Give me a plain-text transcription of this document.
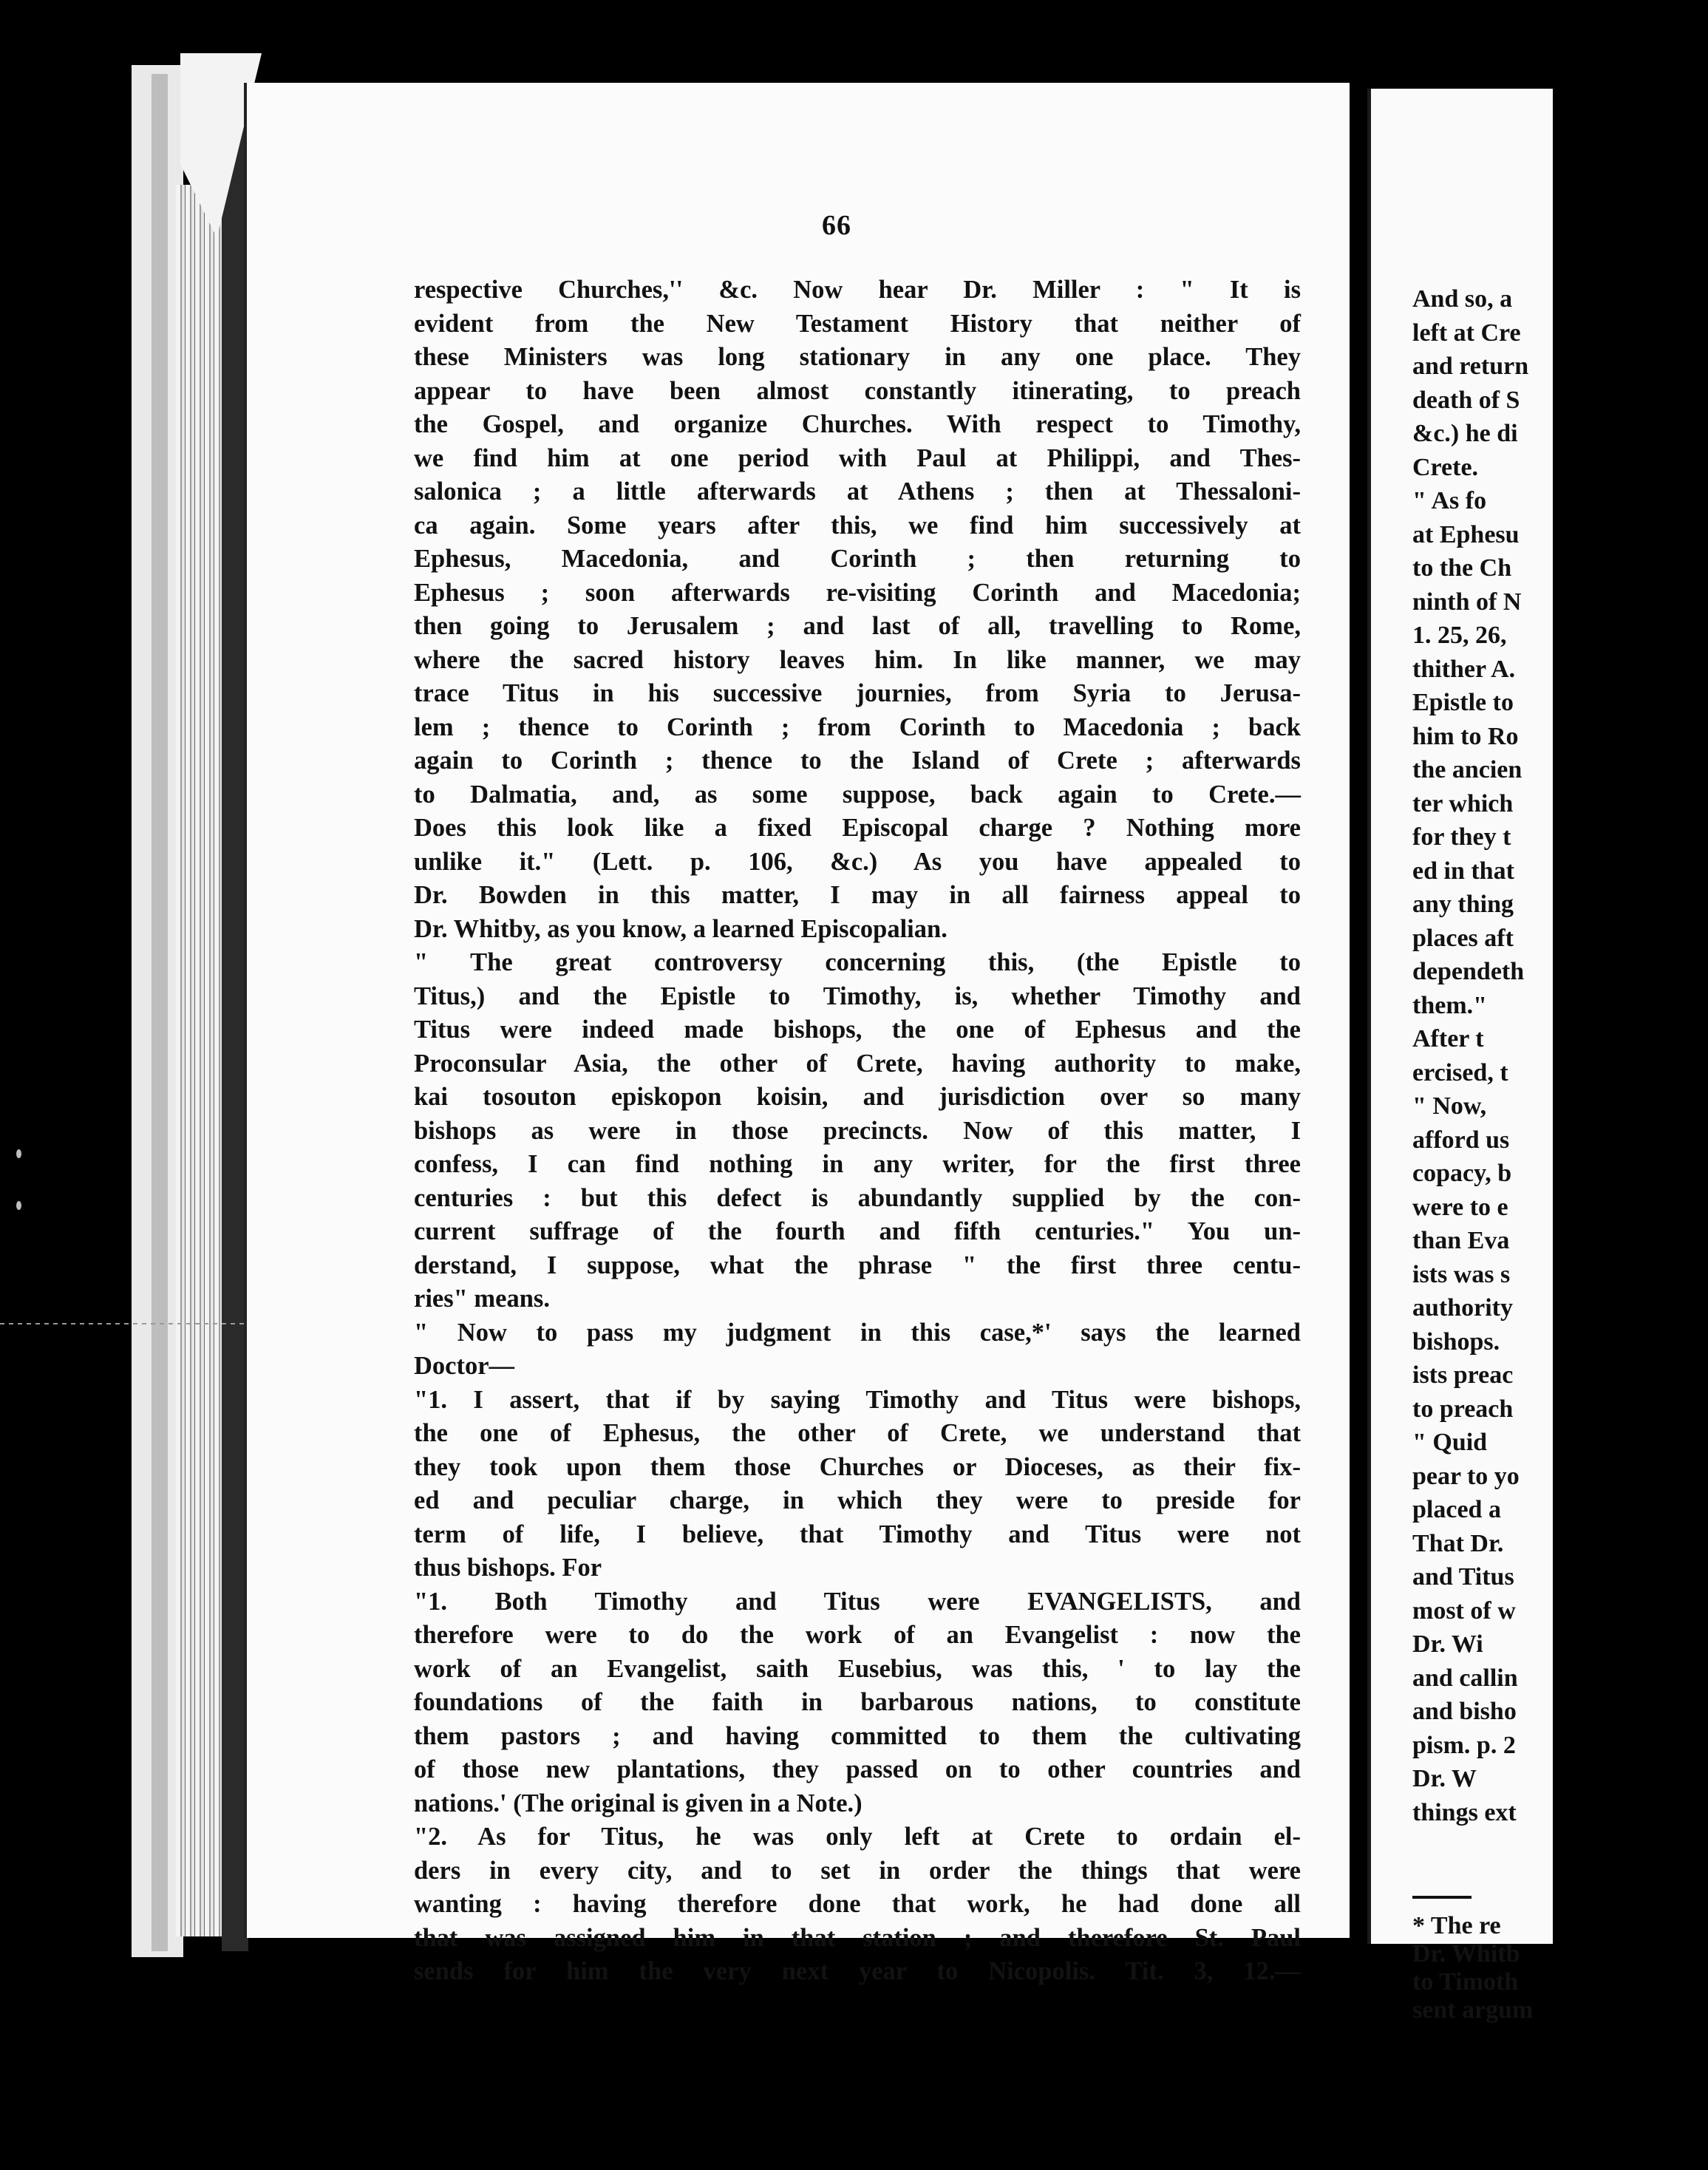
66
respective Churches,'' &c. Now hear Dr. Miller : " It is
evident from the New Testament History that neither of
these Ministers was long stationary in any one place. They
appear to have been almost constantly itinerating, to preach
the Gospel, and organize Churches. With respect to Timothy,
we find him at one period with Paul at Philippi, and Thes-
salonica ; a little afterwards at Athens ; then at Thessaloni-
ca again. Some years after this, we find him successively at
Ephesus, Macedonia, and Corinth ; then returning to
Ephesus ; soon afterwards re-visiting Corinth and Macedonia;
then going to Jerusalem ; and last of all, travelling to Rome,
where the sacred history leaves him. In like manner, we may
trace Titus in his successive journies, from Syria to Jerusa-
lem ; thence to Corinth ; from Corinth to Macedonia ; back
again to Corinth ; thence to the Island of Crete ; afterwards
to Dalmatia, and, as some suppose, back again to Crete.—
Does this look like a fixed Episcopal charge ? Nothing more
unlike it." (Lett. p. 106, &c.) As you have appealed to
Dr. Bowden in this matter, I may in all fairness appeal to
Dr. Whitby, as you know, a learned Episcopalian.
" The great controversy concerning this, (the Epistle to
Titus,) and the Epistle to Timothy, is, whether Timothy and
Titus were indeed made bishops, the one of Ephesus and the
Proconsular Asia, the other of Crete, having authority to make,
kai tosouton episkopon koisin, and jurisdiction over so many
bishops as were in those precincts. Now of this matter, I
confess, I can find nothing in any writer, for the first three
centuries : but this defect is abundantly supplied by the con-
current suffrage of the fourth and fifth centuries." You un-
derstand, I suppose, what the phrase " the first three centu-
ries" means.
" Now to pass my judgment in this case,*' says the learned
Doctor—
"1. I assert, that if by saying Timothy and Titus were bishops,
the one of Ephesus, the other of Crete, we understand that
they took upon them those Churches or Dioceses, as their fix-
ed and peculiar charge, in which they were to preside for
term of life, I believe, that Timothy and Titus were not
thus bishops. For
"1. Both Timothy and Titus were EVANGELISTS, and
therefore were to do the work of an Evangelist : now the
work of an Evangelist, saith Eusebius, was this, ' to lay the
foundations of the faith in barbarous nations, to constitute
them pastors ; and having committed to them the cultivating
of those new plantations, they passed on to other countries and
nations.' (The original is given in a Note.)
"2. As for Titus, he was only left at Crete to ordain el-
ders in every city, and to set in order the things that were
wanting : having therefore done that work, he had done all
that was assigned him in that station ; and therefore St. Paul
sends for him the very next year to Nicopolis. Tit. 3, 12.—
And so, a
left at Cre
and return
death of S
&c.) he di
Crete.
" As fo
at Ephesu
to the Ch
ninth of N
1. 25, 26,
thither A.
Epistle to
him to Ro
the ancien
ter which
for they t
ed in that
any thing
places aft
dependeth
them."
After t
ercised, t
" Now,
afford us
copacy, b
were to e
than Eva
ists was s
authority
bishops.
ists preac
to preach
" Quid
pear to yo
placed a
That Dr.
and Titus
most of w
Dr. Wi
and callin
and bisho
pism. p. 2
Dr. W
things ext
* The re
Dr. Whitb
to Timoth
sent argum
